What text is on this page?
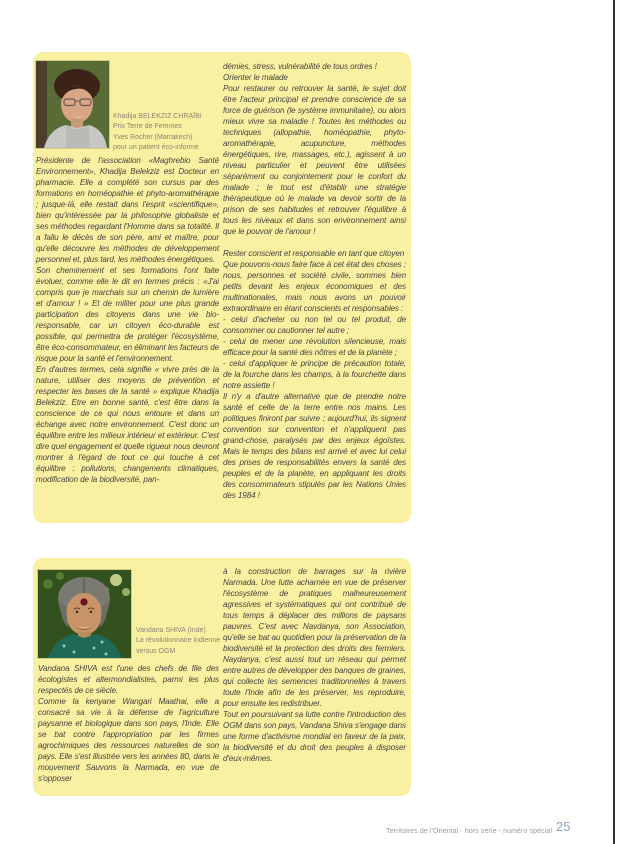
Khadija BELEKZIZ CHRAÏBI
Prix Terre de Femmes
Yves Rocher (Marrakech)
pour un patient éco-informé

Présidente de l'association «Maghrebio Santé Environnement», Khadija Belekziz est Docteur en pharmacie. Elle a complété son cursus par des formations en homéopathie et phyto-aromathérapie ; jusque-là, elle restait dans l'esprit «scientifique», bien qu'intéressée par la philosophie globaliste et ses méthodes regardant l'Homme dans sa totalité. Il a fallu le décès de son père, ami et maître, pour qu'elle découvre les méthodes de développement personnel et, plus tard, les méthodes énergétiques.

Son cheminement et ses formations l'ont faite évoluer, comme elle le dit en termes précis : «J'ai compris que je marchais sur un chemin de lumière et d'amour ! » Et de militer pour une plus grande participation des citoyens dans une vie bio-responsable, car un citoyen éco-durable est possible, qui permettra de protéger l'écosystème, être éco-consommateur, en éliminant les facteurs de risque pour la santé et l'environnement.

En d'autres termes, cela signifie « vivre près de la nature, utiliser des moyens de prévention et respecter les bases de la santé » explique Khadija Belekziz. Etre en bonne santé, c'est être dans la conscience de ce qui nous entoure et dans un échange avec notre environnement. C'est donc un équilibre entre les milieux intérieur et extérieur. C'est dire quel engagement et quelle rigueur nous devront montrer à l'égard de tout ce qui touche à cet équilibre : pollutions, changements climatiques, modification de la biodiversité, pan-

démies, stress, vulnérabilité de tous ordres !

Orienter le malade

Pour restaurer ou retrouver la santé, le sujet doit être l'acteur principal et prendre conscience de sa force de guérison (le système immunitaire), ou alors mieux vivre sa maladie ! Toutes les méthodes ou techniques (allopathie, homéopathie, phyto-aromathérapie, acupuncture, méthodes énergétiques, rire, massages, etc.), agissent à un niveau particulier et peuvent être utilisées séparément ou conjointement pour le confort du malade ; le tout est d'établir une stratégie thérapeutique où le malade va devoir sortir de la prison de ses habitudes et retrouver l'équilibre à tous les niveaux et dans son environnement ainsi que le pouvoir de l'amour !

Rester conscient et responsable en tant que citoyen

Que pouvons-nous faire face à cet état des choses ; nous, personnes et société civile, sommes bien petits devant les enjeux économiques et des multinationales, mais nous avons un pouvoir extraordinaire en étant conscients et responsables :

- celui d'acheter ou non tel ou tel produit, de consommer ou cautionner tel autre ;

- celui de mener une révolution silencieuse, mais efficace pour la santé des nôtres et de la planète ;

- celui d'appliquer le principe de précaution totale, de la fourche dans les champs, à la fourchette dans notre assiette !

Il n'y a d'autre alternative que de prendre notre santé et celle de la terre entre nos mains. Les politiques finiront par suivre ; aujourd'hui, ils signent convention sur convention et n'appliquent pas grand-chose, paralysés par des enjeux égoïstes. Mais le temps des bilans est arrivé et avec lui celui des prises de responsabilités envers la santé des peuples et de la planète, en appliquant les droits des consommateurs stipulés par les Nations Unies dès 1984 !

Vandana SHIVA (Inde)
La révolutionnaire indienne
versus OGM

Vandana SHIVA est l'une des chefs de file des écologistes et altermondialistes, parmi les plus respectés de ce siècle.

Comme la kenyane Wangari Maathai, elle a consacré sa vie à la défense de l'agriculture paysanne et biologique dans son pays, l'Inde. Elle se bat contre l'appropriation par les firmes agrochimiques des ressources naturelles de son pays. Elle s'est illustrée vers les années 80, dans le mouvement Sauvons la Narmada, en vue de s'opposer

à la construction de barrages sur la rivière Narmada. Une lutte acharnée en vue de préserver l'écosystème de pratiques malheureusement agressives et systématiques qui ont contribué de tous temps à déplacer des millions de paysans pauvres. C'est avec Navdanya, son Association, qu'elle se bat au quotidien pour la préservation de la biodiversité et la protection des droits des fermiers. Naydanya, c'est aussi tout un réseau qui permet entre autres de développer des banques de graines, qui collecte les semences traditionnelles à travers toute l'Inde afin de les préserver, les reproduire, pour ensuite les redistribuer.

Tout en poursuivant sa lutte contre l'introduction des OGM dans son pays, Vandana Shiva s'engage dans une forme d'activisme mondial en faveur de la paix, la biodiversité et du droit des peuples à disposer d'eux-mêmes.

Territoires de l'Oriental - hors série - numéro spécial 25
